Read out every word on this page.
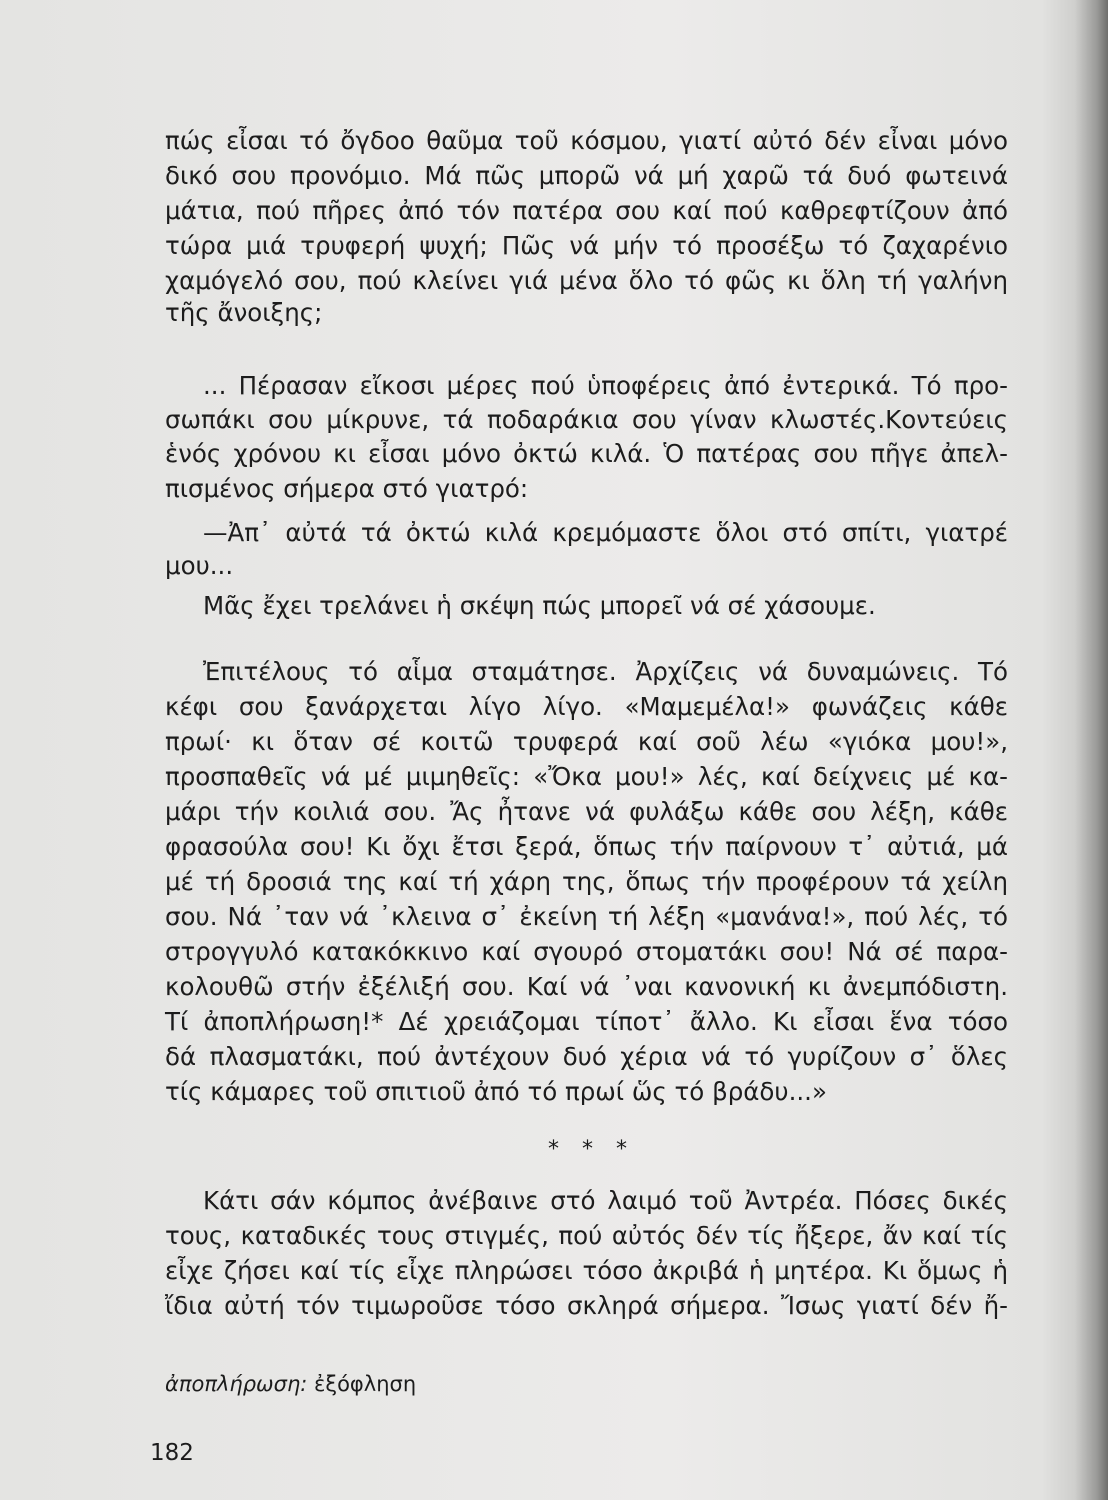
πώς εἶσαι τό ὄγδοο θαῦμα τοῦ κόσμου, γιατί αὐτό δέν εἶναι μόνο
δικό σου προνόμιο. Μά πῶς μπορῶ νά μή χαρῶ τά δυό φωτεινά
μάτια, πού πῆρες ἀπό τόν πατέρα σου καί πού καθρεφτίζουν ἀπό
τώρα μιά τρυφερή ψυχή; Πῶς νά μήν τό προσέξω τό ζαχαρένιο
χαμόγελό σου, πού κλείνει γιά μένα ὅλο τό φῶς κι ὅλη τή γαλήνη
τῆς ἄνοιξης;
... Πέρασαν εἴκοσι μέρες πού ὑποφέρεις ἀπό ἐντερικά. Τό προ-
σωπάκι σου μίκρυνε, τά ποδαράκια σου γίναν κλωστές.Κοντεύεις
ἑνός χρόνου κι εἶσαι μόνο ὀκτώ κιλά. Ὁ πατέρας σου πῆγε ἀπελ-
πισμένος σήμερα στό γιατρό:
—Ἀπ᾽ αὐτά τά ὀκτώ κιλά κρεμόμαστε ὅλοι στό σπίτι, γιατρέ
μου...
Μᾶς ἔχει τρελάνει ἡ σκέψη πώς μπορεῖ νά σέ χάσουμε.
Ἐπιτέλους τό αἷμα σταμάτησε. Ἀρχίζεις νά δυναμώνεις. Τό
κέφι σου ξανάρχεται λίγο λίγο. «Μαμεμέλα!» φωνάζεις κάθε
πρωί· κι ὅταν σέ κοιτῶ τρυφερά καί σοῦ λέω «γιόκα μου!»,
προσπαθεῖς νά μέ μιμηθεῖς: «Ὄκα μου!» λές, καί δείχνεις μέ κα-
μάρι τήν κοιλιά σου. Ἄς ἦτανε νά φυλάξω κάθε σου λέξη, κάθε
φρασούλα σου! Κι ὄχι ἔτσι ξερά, ὅπως τήν παίρνουν τ᾽ αὐτιά, μά
μέ τή δροσιά της καί τή χάρη της, ὅπως τήν προφέρουν τά χείλη
σου. Νά ᾽ταν νά ᾽κλεινα σ᾽ ἐκείνη τή λέξη «μανάνα!», πού λές, τό
στρογγυλό κατακόκκινο καί σγουρό στοματάκι σου! Νά σέ παρα-
κολουθῶ στήν ἐξέλιξή σου. Καί νά ᾽ναι κανονική κι ἀνεμπόδιστη.
Τί ἀποπλήρωση!* Δέ χρειάζομαι τίποτ᾽ ἄλλο. Κι εἶσαι ἕνα τόσο
δά πλασματάκι, πού ἀντέχουν δυό χέρια νά τό γυρίζουν σ᾽ ὅλες
τίς κάμαρες τοῦ σπιτιοῦ ἀπό τό πρωί ὥς τό βράδυ...»
* * *
Κάτι σάν κόμπος ἀνέβαινε στό λαιμό τοῦ Ἀντρέα. Πόσες δικές
τους, καταδικές τους στιγμές, πού αὐτός δέν τίς ἤξερε, ἄν καί τίς
εἶχε ζήσει καί τίς εἶχε πληρώσει τόσο ἀκριβά ἡ μητέρα. Κι ὅμως ἡ
ἴδια αὐτή τόν τιμωροῦσε τόσο σκληρά σήμερα. Ἴσως γιατί δέν ἤ-
ἀποπλήρωση: ἐξόφληση
182
